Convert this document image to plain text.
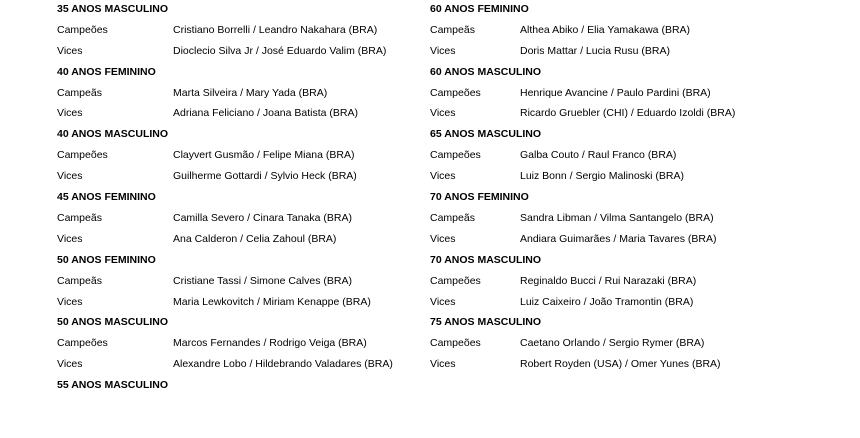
35 ANOS MASCULINO
Campeões	Cristiano Borrelli / Leandro Nakahara (BRA)
Vices	Dioclecio Silva Jr / José Eduardo Valim (BRA)
40 ANOS FEMININO
Campeãs	Marta Silveira / Mary Yada (BRA)
Vices	Adriana Feliciano / Joana Batista (BRA)
40 ANOS MASCULINO
Campeões	Clayvert Gusmão / Felipe Miana (BRA)
Vices	Guilherme Gottardi / Sylvio Heck (BRA)
45 ANOS FEMININO
Campeãs	Camilla Severo / Cinara Tanaka (BRA)
Vices	Ana Calderon / Celia Zahoul (BRA)
50 ANOS FEMININO
Campeãs	Cristiane Tassi / Simone Calves (BRA)
Vices	Maria Lewkovitch / Miriam Kenappe (BRA)
50 ANOS MASCULINO
Campeões	Marcos Fernandes / Rodrigo Veiga (BRA)
Vices	Alexandre Lobo / Hildebrando Valadares (BRA)
55 ANOS MASCULINO
60 ANOS FEMININO
Campeãs	Althea Abiko / Elia Yamakawa (BRA)
Vices	Doris Mattar / Lucia Rusu (BRA)
60 ANOS MASCULINO
Campeões	Henrique Avancine / Paulo Pardini (BRA)
Vices	Ricardo Gruebler (CHI) / Eduardo Izoldi (BRA)
65 ANOS MASCULINO
Campeões	Galba Couto / Raul Franco (BRA)
Vices	Luiz Bonn / Sergio Malinoski (BRA)
70 ANOS FEMININO
Campeãs	Sandra Libman / Vilma Santangelo (BRA)
Vices	Andiara Guimarães / Maria Tavares (BRA)
70 ANOS MASCULINO
Campeões	Reginaldo Bucci / Rui Narazaki (BRA)
Vices	Luiz Caixeiro / João Tramontin (BRA)
75 ANOS MASCULINO
Campeões	Caetano Orlando / Sergio Rymer (BRA)
Vices	Robert Royden (USA) / Omer Yunes (BRA)
